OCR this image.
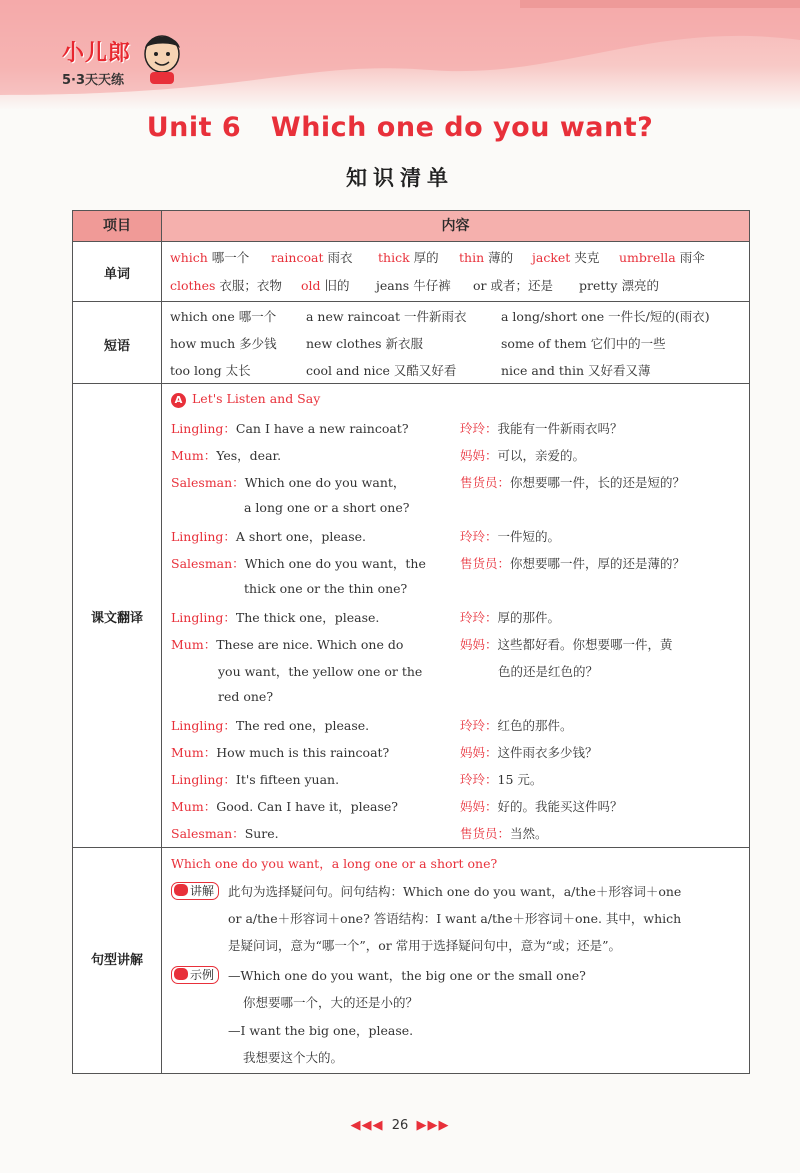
小儿郎
5·3天天练
Unit 6   Which one do you want?
知识清单
项目	内容
单词
which 哪一个 raincoat 雨衣 thick 厚的 thin 薄的 jacket 夹克 umbrella 雨伞
clothes 衣服；衣物 old 旧的 jeans 牛仔裤 or 或者；还是 pretty 漂亮的
短语
which one 哪一个 a new raincoat 一件新雨衣	a long/short one 一件长/短的(雨衣)
how much 多少钱 new clothes 新衣服	some of them 它们中的一些
too long 太长	cool and nice 又酷又好看	nice and thin 又好看又薄
课文翻译
A Let's Listen and Say
Lingling：Can I have a new raincoat?	玲玲：我能有一件新雨衣吗？
Mum：Yes，dear.	妈妈：可以，亲爱的。
Salesman：Which one do you want，
a long one or a short one?
售货员：你想要哪一件，长的还是短的？
Lingling：A short one，please.	玲玲：一件短的。
Salesman：Which one do you want，the
thick one or the thin one?
售货员：你想要哪一件，厚的还是薄的？
Lingling：The thick one，please.	玲玲：厚的那件。
Mum：These are nice. Which one do
you want，the yellow one or the
red one?
妈妈：这些都好看。你想要哪一件，黄
色的还是红色的？
Lingling：The red one，please.	玲玲：红色的那件。
Mum：How much is this raincoat?	妈妈：这件雨衣多少钱？
Lingling：It's fifteen yuan.	玲玲：15 元。
Mum：Good. Can I have it，please?	妈妈：好的。我能买这件吗？
Salesman：Sure.	售货员：当然。
句型讲解
Which one do you want，a long one or a short one?
讲解	此句为选择疑问句。问句结构：Which one do you want，a/the＋形容词＋one
or a/the＋形容词＋one? 答语结构：I want a/the＋形容词＋one. 其中，which
是疑问词，意为“哪一个”，or 常用于选择疑问句中，意为“或；还是”。
示例	—Which one do you want，the big one or the small one?
你想要哪一个，大的还是小的？
—I want the big one，please.
我想要这个大的。
◀◀◀ 26 ▶▶▶
